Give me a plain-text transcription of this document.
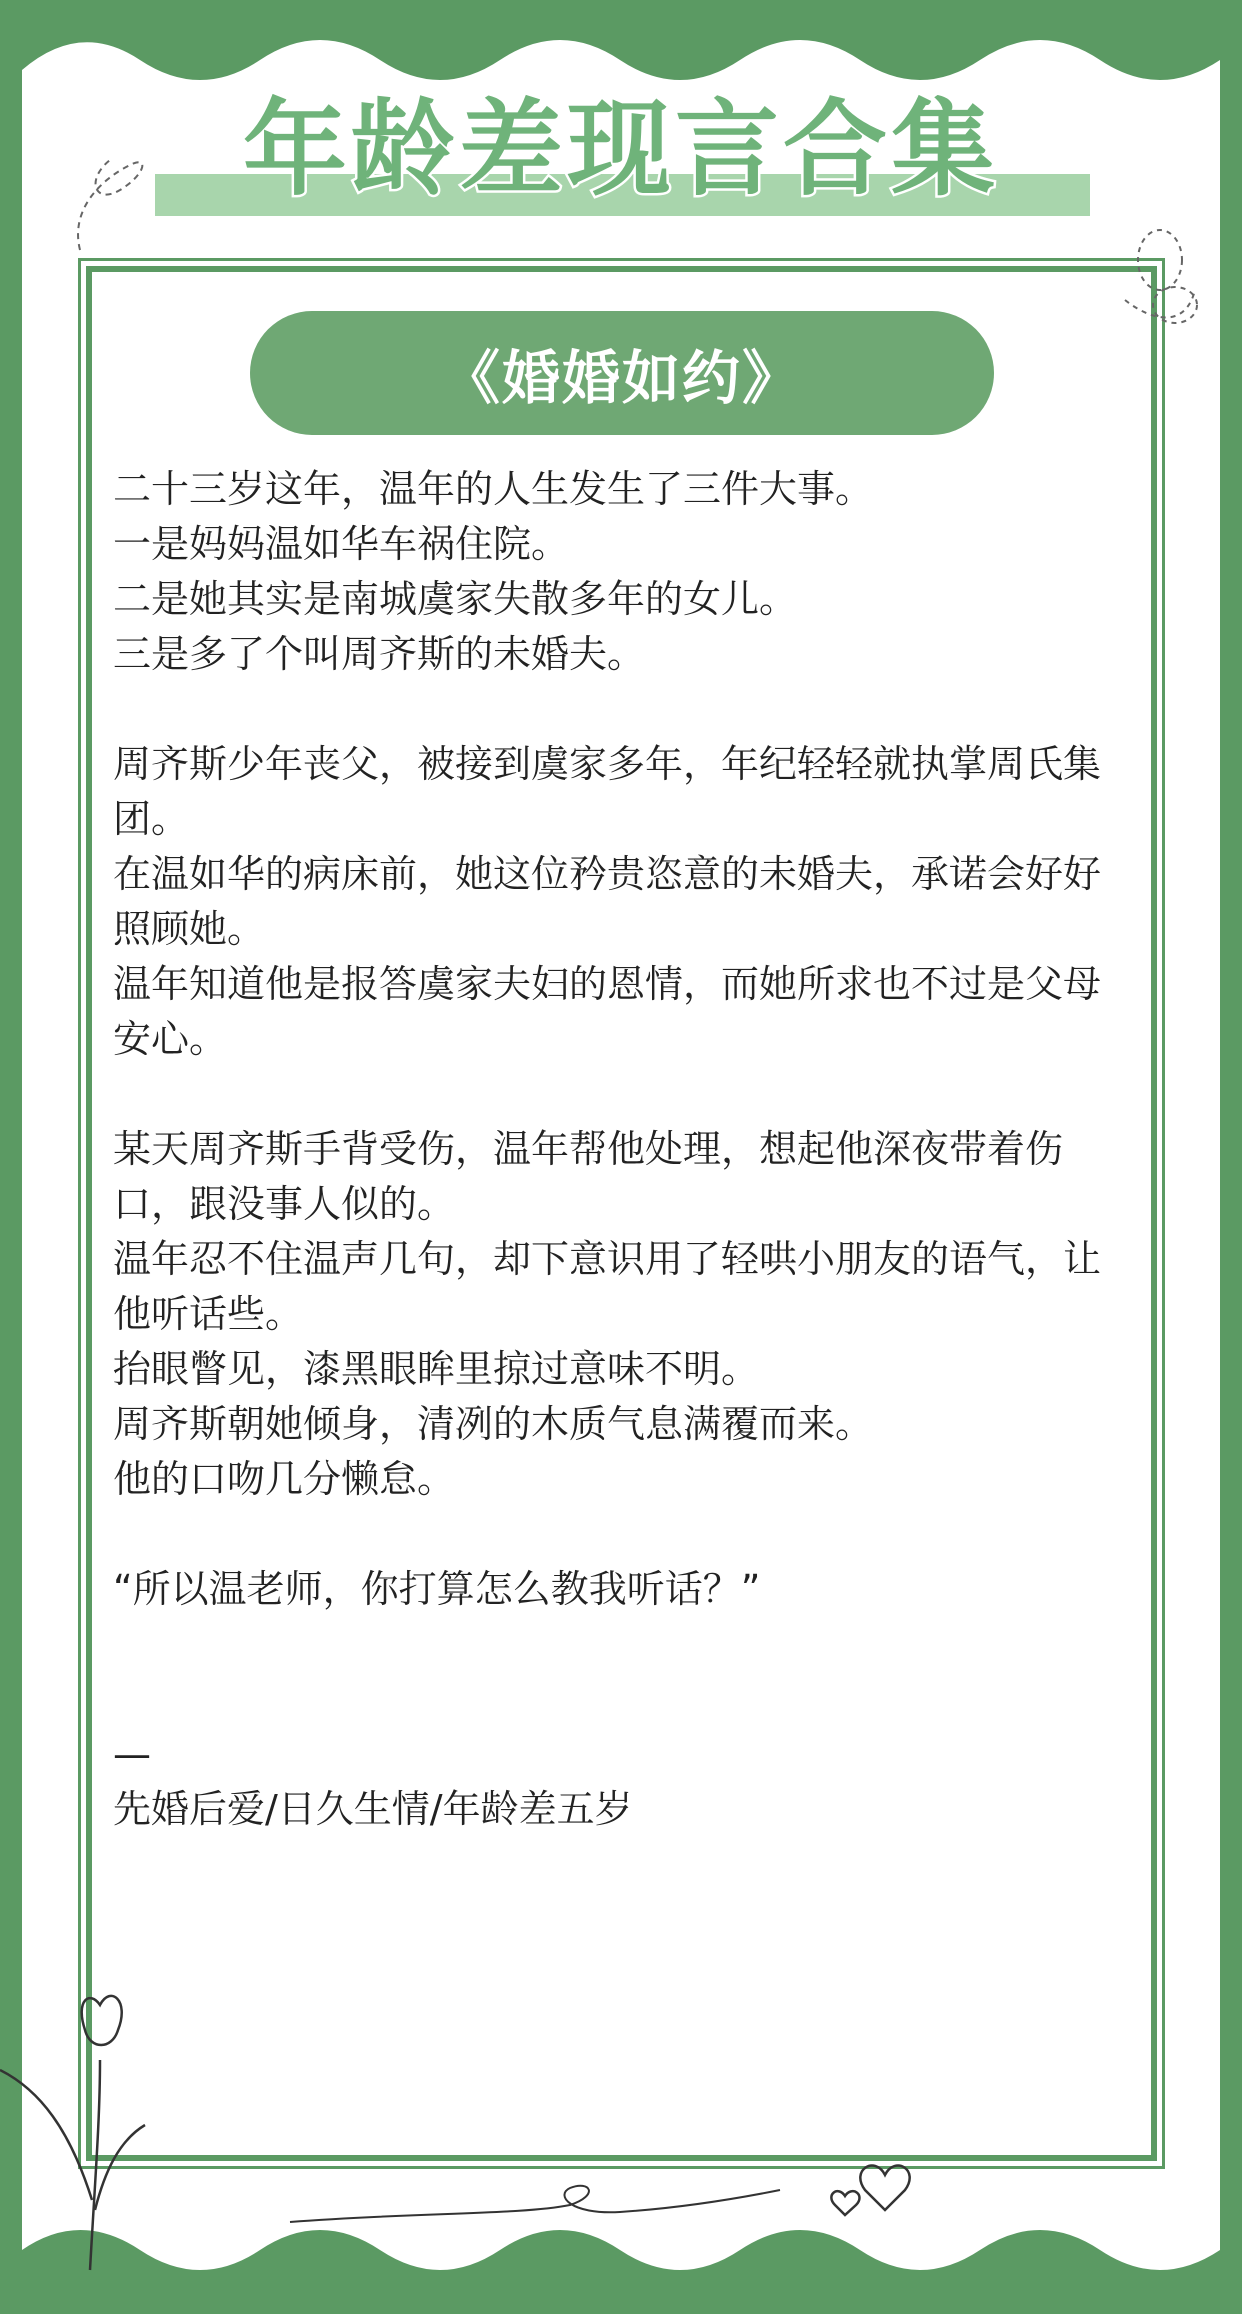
年龄差现言合集
《婚婚如约》

二十三岁这年，温年的人生发生了三件大事。

一是妈妈温如华车祸住院。

二是她其实是南城虞家失散多年的女儿。

三是多了个叫周齐斯的未婚夫。

周齐斯少年丧父，被接到虞家多年，年纪轻轻就执掌周氏集团。

在温如华的病床前，她这位矜贵恣意的未婚夫，承诺会好好照顾她。

温年知道他是报答虞家夫妇的恩情，而她所求也不过是父母安心。

某天周齐斯手背受伤，温年帮他处理，想起他深夜带着伤口，跟没事人似的。

温年忍不住温声几句，却下意识用了轻哄小朋友的语气，让他听话些。

抬眼瞥见，漆黑眼眸里掠过意味不明。

周齐斯朝她倾身，清冽的木质气息满覆而来。

他的口吻几分懒怠。

“所以温老师，你打算怎么教我听话？”

—

先婚后爱/日久生情/年龄差五岁
